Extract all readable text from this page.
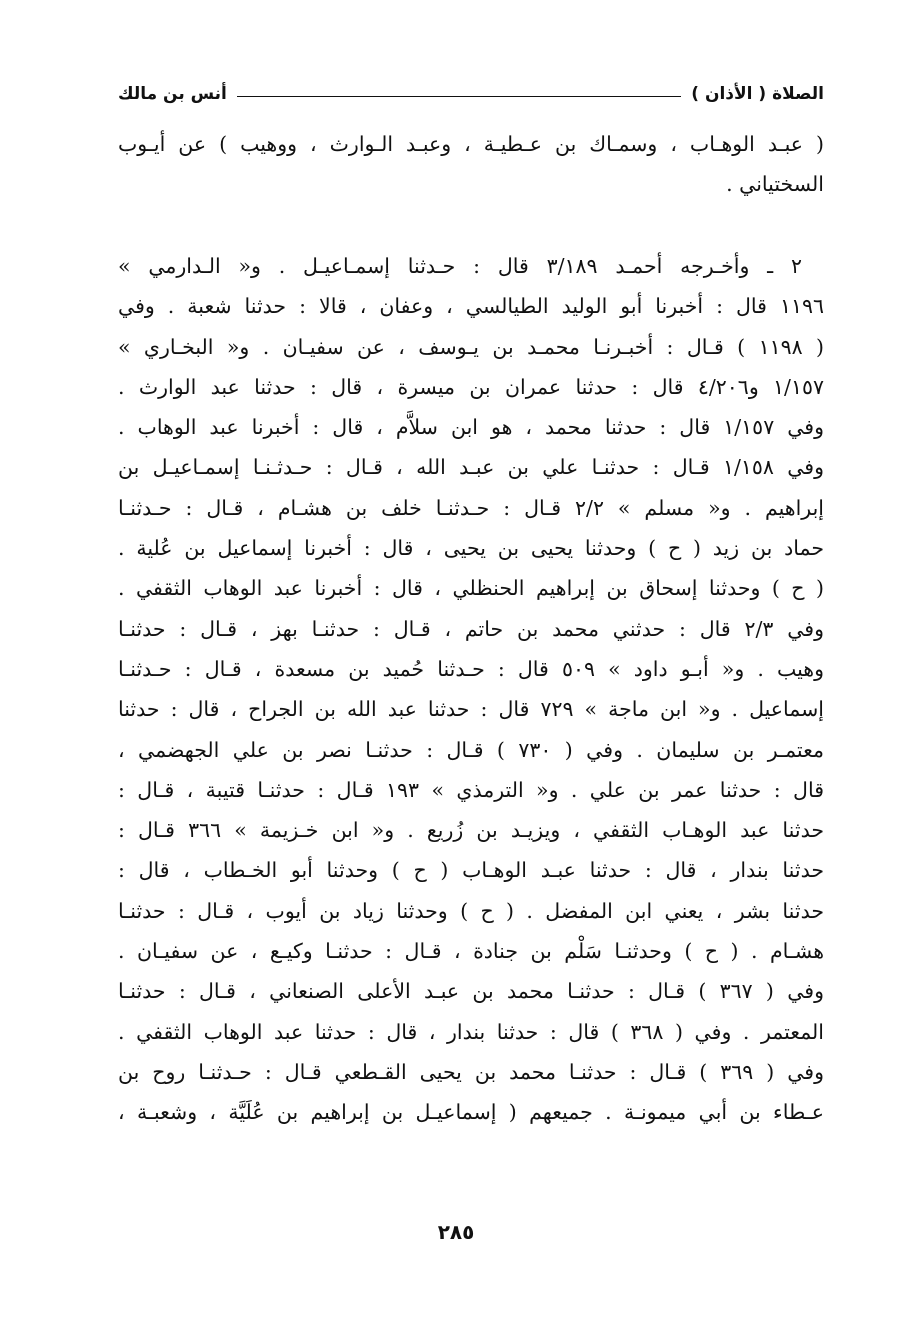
الصلاة ( الأذان )
أنس بن مالك
( عبـد الوهـاب ، وسمـاك بن عـطيـة ، وعبـد الـوارث ، ووهيب ) عن أيـوب
السختياني .
٢ ـ وأخـرجه أحمـد ٣/١٨٩ قال : حـدثنا إسمـاعيـل . و« الـدارمي »
١١٩٦ قال : أخبرنا أبو الوليد الطيالسي ، وعفان ، قالا : حدثنا شعبة . وفي
( ١١٩٨ ) قـال : أخبـرنـا محمـد بن يـوسف ، عن سفيـان . و« البخـاري »
١/١٥٧ و٤/٢٠٦ قال : حدثنا عمران بن ميسرة ، قال : حدثنا عبد الوارث .
وفي ١/١٥٧ قال : حدثنا محمد ، هو ابن سلاَّم ، قال : أخبرنا عبد الوهاب .
وفي ١/١٥٨ قـال : حدثنـا علي بن عبـد الله ، قـال : حـدثـنـا إسمـاعيـل بن
إبراهيم . و« مسلم » ٢/٢ قـال : حـدثنـا خلف بن هشـام ، قـال : حـدثنـا
حماد بن زيد ( ح ) وحدثنا يحيى بن يحيى ، قال : أخبرنا إسماعيل بن عُلية .
( ح ) وحدثنا إسحاق بن إبراهيم الحنظلي ، قال : أخبرنا عبد الوهاب الثقفي .
وفي ٢/٣ قال : حدثني محمد بن حاتم ، قـال : حدثنـا بهز ، قـال : حدثنـا
وهيب . و« أبـو داود » ٥٠٩ قال : حـدثنا حُميد بن مسعدة ، قـال : حـدثنـا
إسماعيل . و« ابن ماجة » ٧٢٩ قال : حدثنا عبد الله بن الجراح ، قال : حدثنا
معتمـر بن سليمان . وفي ( ٧٣٠ ) قـال : حدثنـا نصر بن علي الجهضمي ،
قال : حدثنا عمر بن علي . و« الترمذي » ١٩٣ قـال : حدثنـا قتيبة ، قـال :
حدثنا عبد الوهـاب الثقفي ، ويزيـد بن زُريع . و« ابن خـزيمة » ٣٦٦ قـال :
حدثنا بندار ، قال : حدثنا عبـد الوهـاب ( ح ) وحدثنا أبو الخـطاب ، قال :
حدثنا بشر ، يعني ابن المفضل . ( ح ) وحدثنا زياد بن أيوب ، قـال : حدثنـا
هشـام . ( ح ) وحدثنـا سَلْم بن جنادة ، قـال : حدثنـا وكيـع ، عن سفيـان .
وفي ( ٣٦٧ ) قـال : حدثنـا محمد بن عبـد الأعلى الصنعاني ، قـال : حدثنـا
المعتمر . وفي ( ٣٦٨ ) قال : حدثنا بندار ، قال : حدثنا عبد الوهاب الثقفي .
وفي ( ٣٦٩ ) قـال : حدثنـا محمد بن يحيى القـطعي قـال : حـدثنـا روح بن
عـطاء بن أبي ميمونـة . جميعهم ( إسماعيـل بن إبراهيم بن عُلَيَّة ، وشعبـة ،
٢٨٥
